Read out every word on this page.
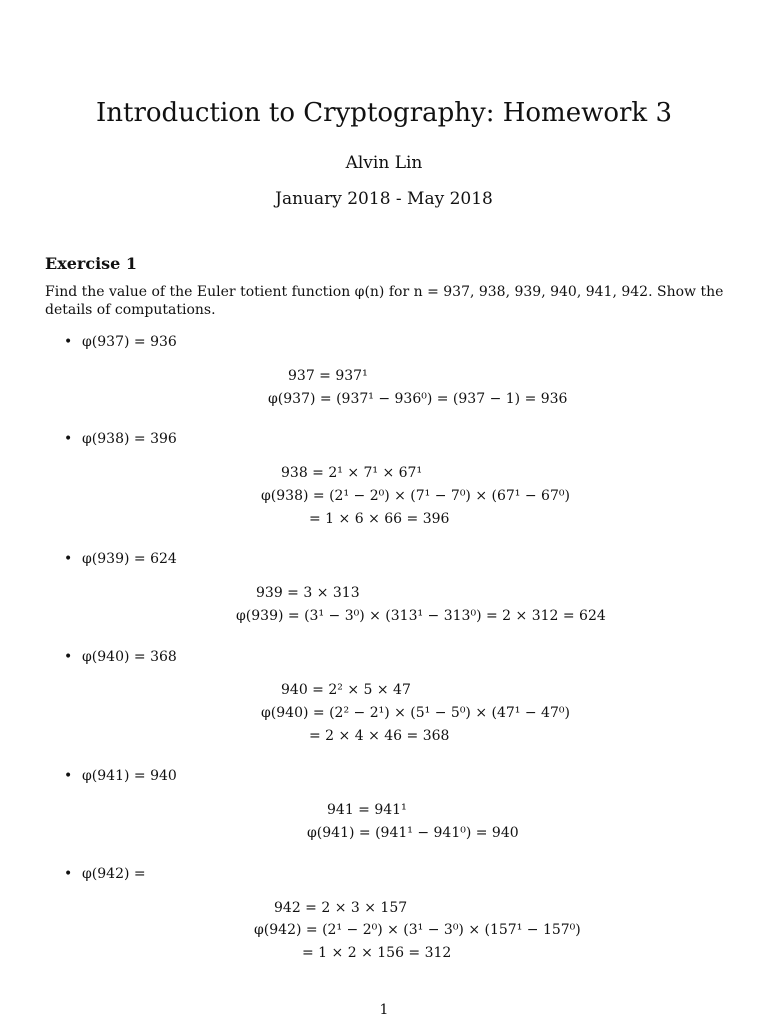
Introduction to Cryptography: Homework 3
Alvin Lin
January 2018 - May 2018
Exercise 1

Find the value of the Euler totient function φ(n) for n = 937, 938, 939, 940, 941, 942. Show the details of computations.

• φ(937) = 936
937 = 937¹
φ(937) = (937¹ − 936⁰) = (937 − 1) = 936
• φ(938) = 396
938 = 2¹ × 7¹ × 67¹
φ(938) = (2¹ − 2⁰) × (7¹ − 7⁰) × (67¹ − 67⁰)
= 1 × 6 × 66 = 396
• φ(939) = 624
939 = 3 × 313
φ(939) = (3¹ − 3⁰) × (313¹ − 313⁰) = 2 × 312 = 624
• φ(940) = 368
940 = 2² × 5 × 47
φ(940) = (2² − 2¹) × (5¹ − 5⁰) × (47¹ − 47⁰)
= 2 × 4 × 46 = 368
• φ(941) = 940
941 = 941¹
φ(941) = (941¹ − 941⁰) = 940
• φ(942) =
942 = 2 × 3 × 157
φ(942) = (2¹ − 2⁰) × (3¹ − 3⁰) × (157¹ − 157⁰)
= 1 × 2 × 156 = 312
1
